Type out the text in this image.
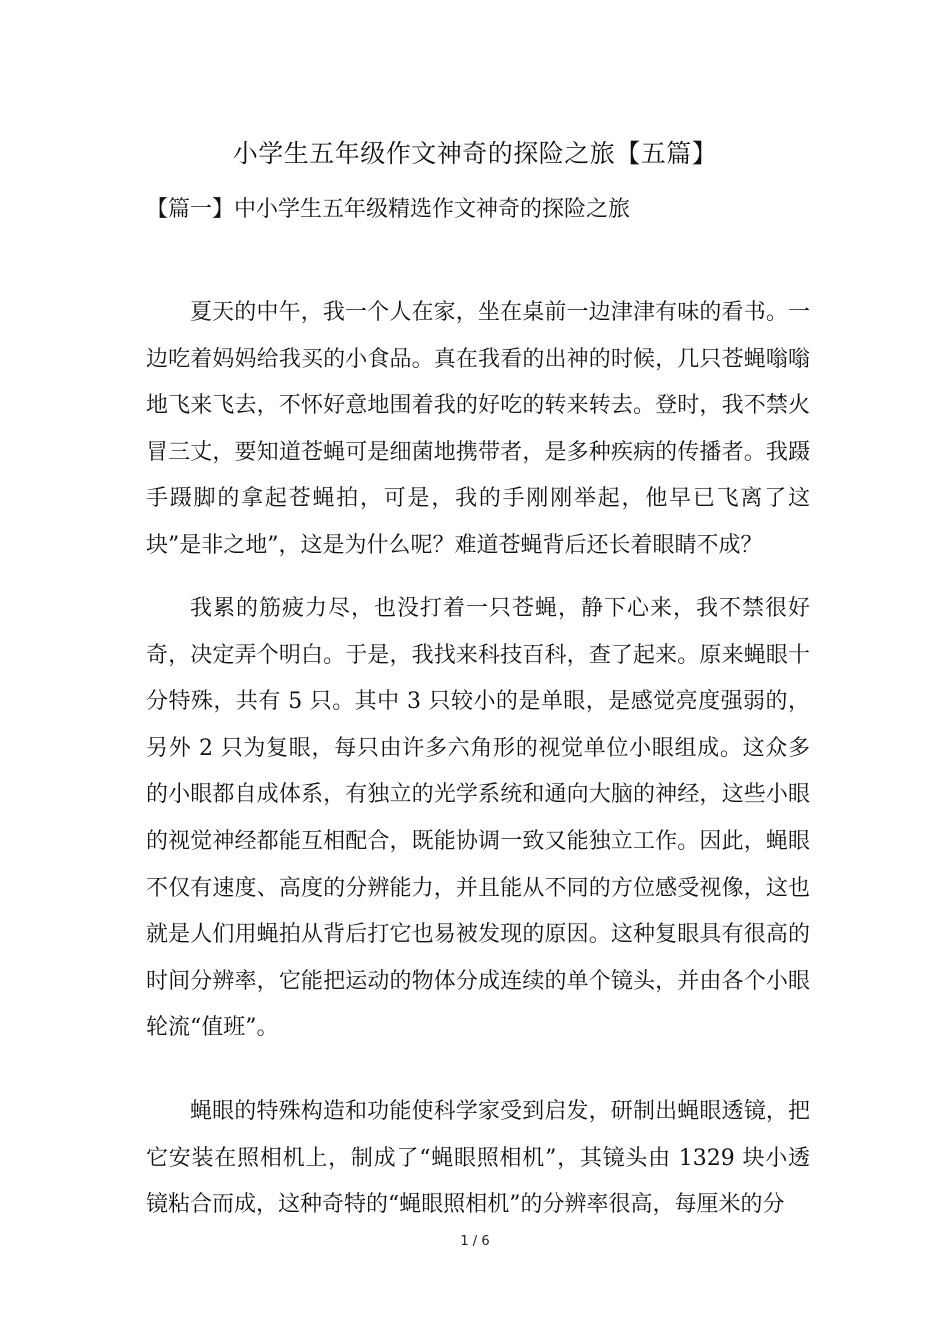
小学生五年级作文神奇的探险之旅【五篇】
【篇一】中小学生五年级精选作文神奇的探险之旅

夏天的中午，我一个人在家，坐在桌前一边津津有味的看书。一边吃着妈妈给我买的小食品。真在我看的出神的时候，几只苍蝇嗡嗡地飞来飞去，不怀好意地围着我的好吃的转来转去。登时，我不禁火冒三丈，要知道苍蝇可是细菌地携带者，是多种疾病的传播者。我蹑手蹑脚的拿起苍蝇拍，可是，我的手刚刚举起，他早已飞离了这块”是非之地”，这是为什么呢？难道苍蝇背后还长着眼睛不成？

我累的筋疲力尽，也没打着一只苍蝇，静下心来，我不禁很好奇，决定弄个明白。于是，我找来科技百科，查了起来。原来蝇眼十分特殊，共有 5 只。其中 3 只较小的是单眼，是感觉亮度强弱的，另外 2 只为复眼，每只由许多六角形的视觉单位小眼组成。这众多的小眼都自成体系，有独立的光学系统和通向大脑的神经，这些小眼的视觉神经都能互相配合，既能协调一致又能独立工作。因此，蝇眼不仅有速度、高度的分辨能力，并且能从不同的方位感受视像，这也就是人们用蝇拍从背后打它也易被发现的原因。这种复眼具有很高的时间分辨率，它能把运动的物体分成连续的单个镜头，并由各个小眼轮流“值班”。

蝇眼的特殊构造和功能使科学家受到启发，研制出蝇眼透镜，把它安装在照相机上，制成了“蝇眼照相机”，其镜头由 1329 块小透镜粘合而成，这种奇特的“蝇眼照相机”的分辨率很高，每厘米的分

1 / 6
